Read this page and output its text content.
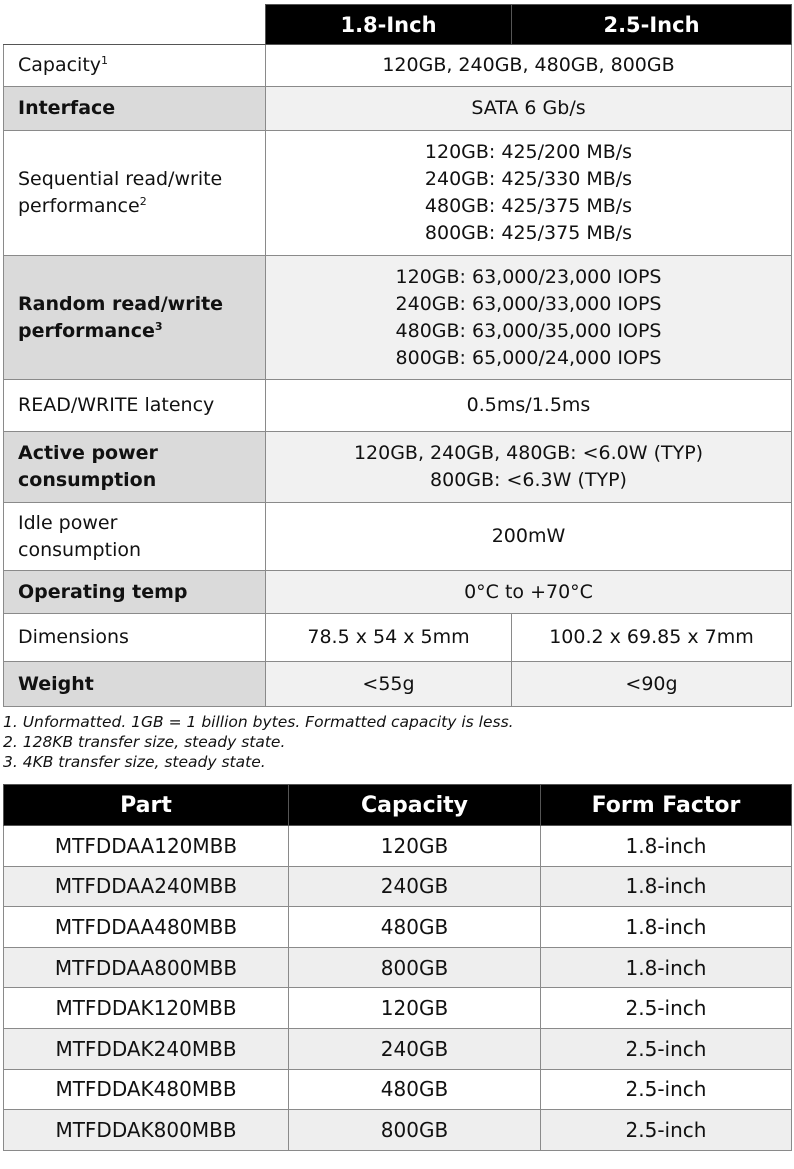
	1.8-Inch	2.5-Inch
Capacity$^1$	120GB, 240GB, 480GB, 800GB	
Interface	SATA 6 Gb/s	

Sequential read/write
performance$^2$	120GB: 425/200 MB/s
240GB: 425/330 MB/s
480GB: 425/375 MB/s
800GB: 425/375 MB/s	

Random read/write
performance$^3$	120GB: 63,000/23,000 IOPS
240GB: 63,000/33,000 IOPS
480GB: 63,000/35,000 IOPS
800GB: 65,000/24,000 IOPS	

READ/WRITE latency	0.5ms/1.5ms	

Active power
consumption	120GB, 240GB, 480GB: <6.0W (TYP)
800GB: <6.3W (TYP)	

Idle power
consumption	200mW	
Operating temp	0°C to +70°C	
Dimensions	78.5 x 54 x 5mm	100.2 x 69.85 x 7mm
Weight	<55g	<90g
1. Unformatted. 1GB = 1 billion bytes. Formatted capacity is less.
2. 128KB transfer size, steady state.
3. 4KB transfer size, steady state.
Part	Capacity	Form Factor
MTFDDAA120MBB	120GB	1.8-inch
MTFDDAA240MBB	240GB	1.8-inch
MTFDDAA480MBB	480GB	1.8-inch
MTFDDAA800MBB	800GB	1.8-inch
MTFDDAK120MBB	120GB	2.5-inch
MTFDDAK240MBB	240GB	2.5-inch
MTFDDAK480MBB	480GB	2.5-inch
MTFDDAK800MBB	800GB	2.5-inch
